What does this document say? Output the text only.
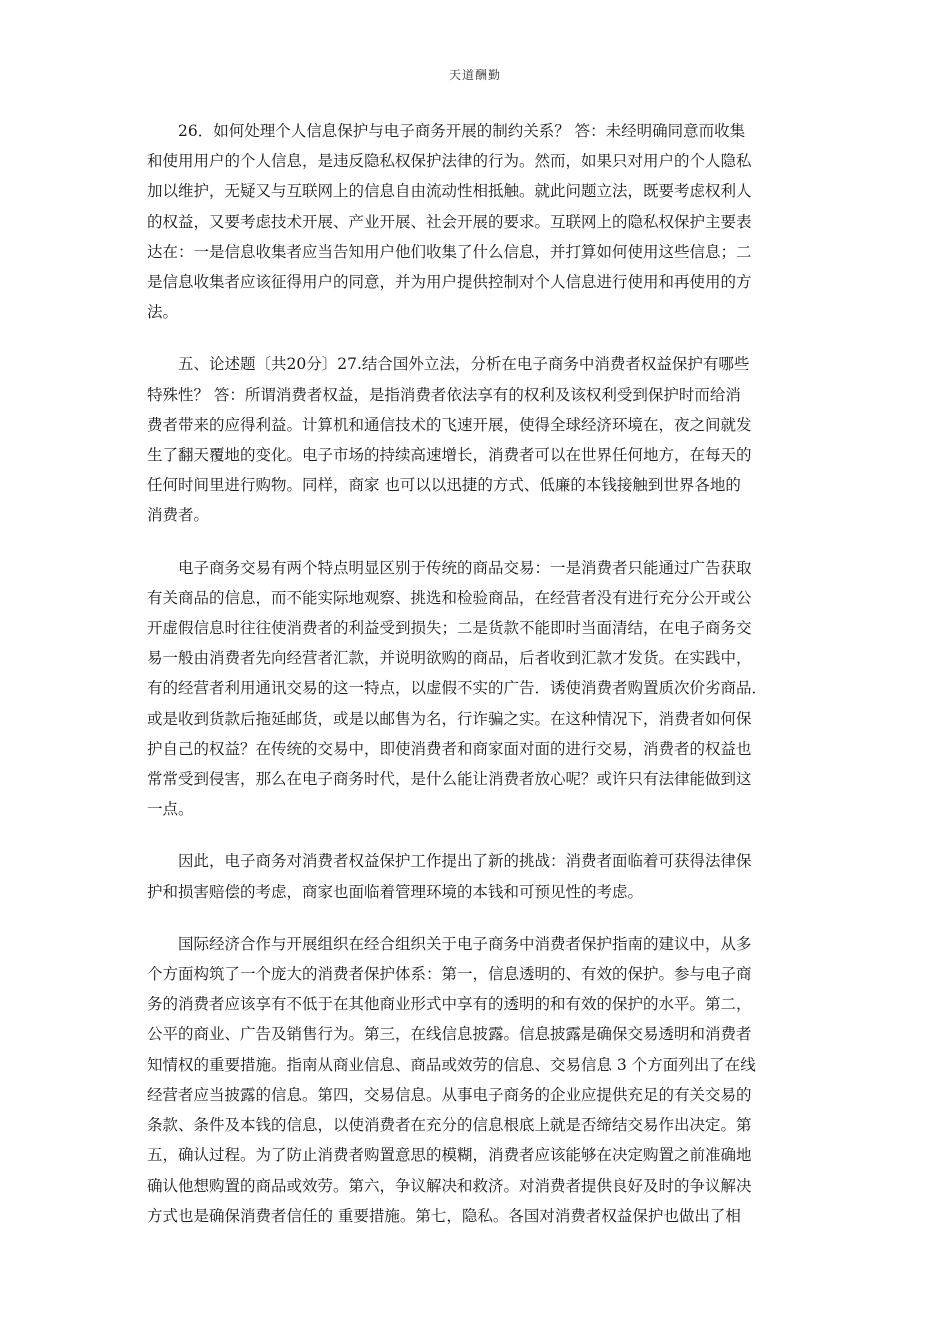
天道酬勤

26．如何处理个人信息保护与电子商务开展的制约关系？ 答：未经明确同意而收集
和使用用户的个人信息，是违反隐私权保护法律的行为。然而，如果只对用户的个人隐私
加以维护，无疑又与互联网上的信息自由流动性相抵触。就此问题立法，既要考虑权利人
的权益，又要考虑技术开展、产业开展、社会开展的要求。互联网上的隐私权保护主要表
达在：一是信息收集者应当告知用户他们收集了什么信息，并打算如何使用这些信息；二
是信息收集者应该征得用户的同意，并为用户提供控制对个人信息进行使用和再使用的方
法。

五、论述题〔共20分〕27.结合国外立法，分析在电子商务中消费者权益保护有哪些
特殊性？ 答：所谓消费者权益，是指消费者依法享有的权利及该权利受到保护时而给消
费者带来的应得利益。计算机和通信技术的飞速开展，使得全球经济环境在，夜之间就发
生了翻天覆地的变化。电子市场的持续高速增长，消费者可以在世界任何地方，在每天的
任何时间里进行购物。同样，商家 也可以以迅捷的方式、低廉的本钱接触到世界各地的
消费者。

电子商务交易有两个特点明显区别于传统的商品交易：一是消费者只能通过广告获取
有关商品的信息，而不能实际地观察、挑选和检验商品，在经营者没有进行充分公开或公
开虚假信息时往往使消费者的利益受到损失；二是货款不能即时当面清结，在电子商务交
易一般由消费者先向经营者汇款，并说明欲购的商品，后者收到汇款才发货。在实践中，
有的经营者利用通讯交易的这一特点，以虚假不实的广告．诱使消费者购置质次价劣商品．
或是收到货款后拖延邮货，或是以邮售为名，行诈骗之实。在这种情况下，消费者如何保
护自己的权益？在传统的交易中，即使消费者和商家面对面的进行交易，消费者的权益也
常常受到侵害，那么在电子商务时代，是什么能让消费者放心呢？或许只有法律能做到这
一点。

因此，电子商务对消费者权益保护工作提出了新的挑战：消费者面临着可获得法律保
护和损害赔偿的考虑，商家也面临着管理环境的本钱和可预见性的考虑。

国际经济合作与开展组织在经合组织关于电子商务中消费者保护指南的建议中，从多
个方面构筑了一个庞大的消费者保护体系：第一，信息透明的、有效的保护。参与电子商
务的消费者应该享有不低于在其他商业形式中享有的透明的和有效的保护的水平。第二，
公平的商业、广告及销售行为。第三，在线信息披露。信息披露是确保交易透明和消费者
知情权的重要措施。指南从商业信息、商品或效劳的信息、交易信息 3 个方面列出了在线
经营者应当披露的信息。第四，交易信息。从事电子商务的企业应提供充足的有关交易的
条款、条件及本钱的信息，以使消费者在充分的信息根底上就是否缔结交易作出决定。第
五，确认过程。为了防止消费者购置意思的模糊，消费者应该能够在决定购置之前准确地
确认他想购置的商品或效劳。第六，争议解决和救济。对消费者提供良好及时的争议解决
方式也是确保消费者信任的 重要措施。第七，隐私。各国对消费者权益保护也做出了相
